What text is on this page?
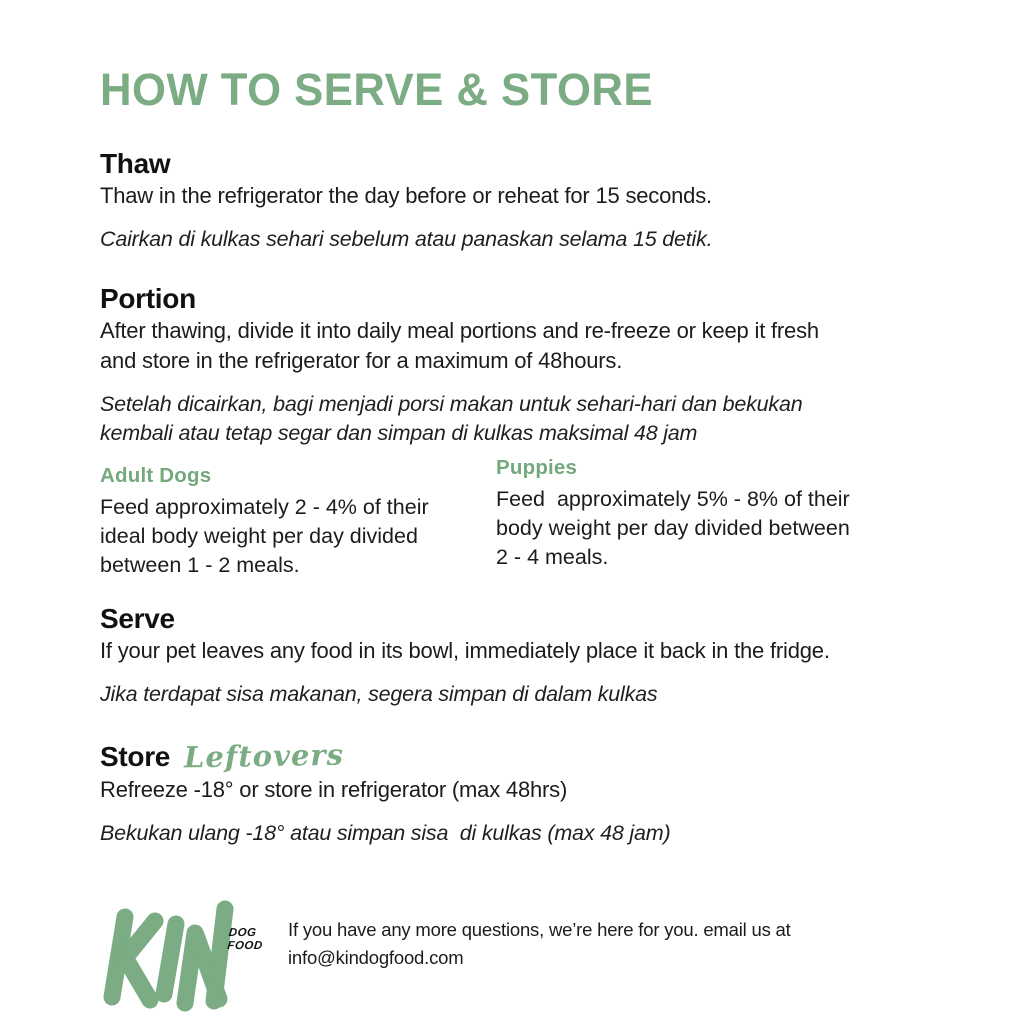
HOW TO SERVE & STORE
Thaw
Thaw in the refrigerator the day before or reheat for 15 seconds.
Cairkan di kulkas sehari sebelum atau panaskan selama 15 detik.
Portion
After thawing, divide it into daily meal portions and re-freeze or keep it fresh
and store in the refrigerator for a maximum of 48hours.
Setelah dicairkan, bagi menjadi porsi makan untuk sehari-hari dan bekukan
kembali atau tetap segar dan simpan di kulkas maksimal 48 jam
Adult Dogs
Feed approximately 2 - 4% of their
ideal body weight per day divided
between 1 - 2 meals.
Puppies
Feed  approximately 5% - 8% of their
body weight per day divided between
2 - 4 meals.
Serve
If your pet leaves any food in its bowl, immediately place it back in the fridge.
Jika terdapat sisa makanan, segera simpan di dalam kulkas
Store Leftovers
Refreeze -18° or store in refrigerator (max 48hrs)
Bekukan ulang -18° atau simpan sisa  di kulkas (max 48 jam)
DOG
FOOD
If you have any more questions, we’re here for you. email us at
info@kindogfood.com
